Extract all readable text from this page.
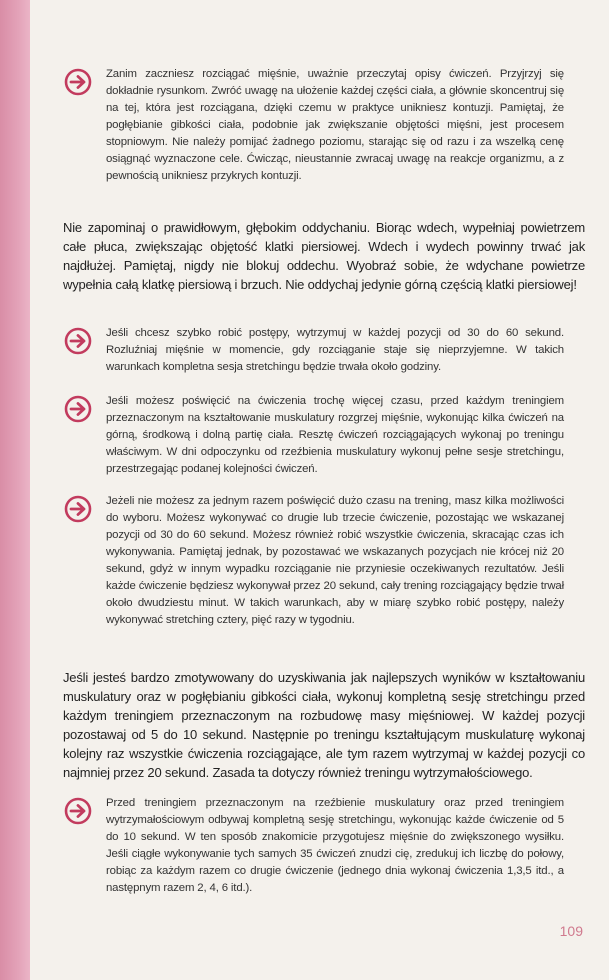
Zanim zaczniesz rozciągać mięśnie, uważnie przeczytaj opisy ćwiczeń. Przyjrzyj się dokładnie rysunkom. Zwróć uwagę na ułożenie każdej części ciała, a głównie skoncentruj się na tej, która jest rozciągana, dzięki czemu w praktyce unikniesz kontuzji. Pamiętaj, że pogłębianie gibkości ciała, podobnie jak zwiększanie objętości mięśni, jest procesem stopniowym. Nie należy pomijać żadnego poziomu, starając się od razu i za wszelką cenę osiągnąć wyznaczone cele. Ćwicząc, nieustannie zwracaj uwagę na reakcje organizmu, a z pewnością unikniesz przykrych kontuzji.
Nie zapominaj o prawidłowym, głębokim oddychaniu. Biorąc wdech, wypełniaj powietrzem całe płuca, zwiększając objętość klatki piersiowej. Wdech i wydech powinny trwać jak najdłużej. Pamiętaj, nigdy nie blokuj oddechu. Wyobraź sobie, że wdychane powietrze wypełnia całą klatkę piersiową i brzuch. Nie oddychaj jedynie górną częścią klatki piersiowej!
Jeśli chcesz szybko robić postępy, wytrzymuj w każdej pozycji od 30 do 60 sekund. Rozluźniaj mięśnie w momencie, gdy rozciąganie staje się nieprzyjemne. W takich warunkach kompletna sesja stretchingu będzie trwała około godziny.
Jeśli możesz poświęcić na ćwiczenia trochę więcej czasu, przed każdym treningiem przeznaczonym na kształtowanie muskulatury rozgrzej mięśnie, wykonując kilka ćwiczeń na górną, środkową i dolną partię ciała. Resztę ćwiczeń rozciągających wykonaj po treningu właściwym. W dni odpoczynku od rzeźbienia muskulatury wykonuj pełne sesje stretchingu, przestrzegając podanej kolejności ćwiczeń.
Jeżeli nie możesz za jednym razem poświęcić dużo czasu na trening, masz kilka możliwości do wyboru. Możesz wykonywać co drugie lub trzecie ćwiczenie, pozostając we wskazanej pozycji od 30 do 60 sekund. Możesz również robić wszystkie ćwiczenia, skracając czas ich wykonywania. Pamiętaj jednak, by pozostawać we wskazanych pozycjach nie krócej niż 20 sekund, gdyż w innym wypadku rozciąganie nie przyniesie oczekiwanych rezultatów. Jeśli każde ćwiczenie będziesz wykonywał przez 20 sekund, cały trening rozciągający będzie trwał około dwudziestu minut. W takich warunkach, aby w miarę szybko robić postępy, należy wykonywać stretching cztery, pięć razy w tygodniu.
Jeśli jesteś bardzo zmotywowany do uzyskiwania jak najlepszych wyników w kształtowaniu muskulatury oraz w pogłębianiu gibkości ciała, wykonuj kompletną sesję stretchingu przed każdym treningiem przeznaczonym na rozbudowę masy mięśniowej. W każdej pozycji pozostawaj od 5 do 10 sekund. Następnie po treningu kształtującym muskulaturę wykonaj kolejny raz wszystkie ćwiczenia rozciągające, ale tym razem wytrzymaj w każdej pozycji co najmniej przez 20 sekund. Zasada ta dotyczy również treningu wytrzymałościowego.
Przed treningiem przeznaczonym na rzeźbienie muskulatury oraz przed treningiem wytrzymałościowym odbywaj kompletną sesję stretchingu, wykonując każde ćwiczenie od 5 do 10 sekund. W ten sposób znakomicie przygotujesz mięśnie do zwiększonego wysiłku. Jeśli ciągłe wykonywanie tych samych 35 ćwiczeń znudzi cię, zredukuj ich liczbę do połowy, robiąc za każdym razem co drugie ćwiczenie (jednego dnia wykonaj ćwiczenia 1,3,5 itd., a następnym razem 2, 4, 6 itd.).
109
